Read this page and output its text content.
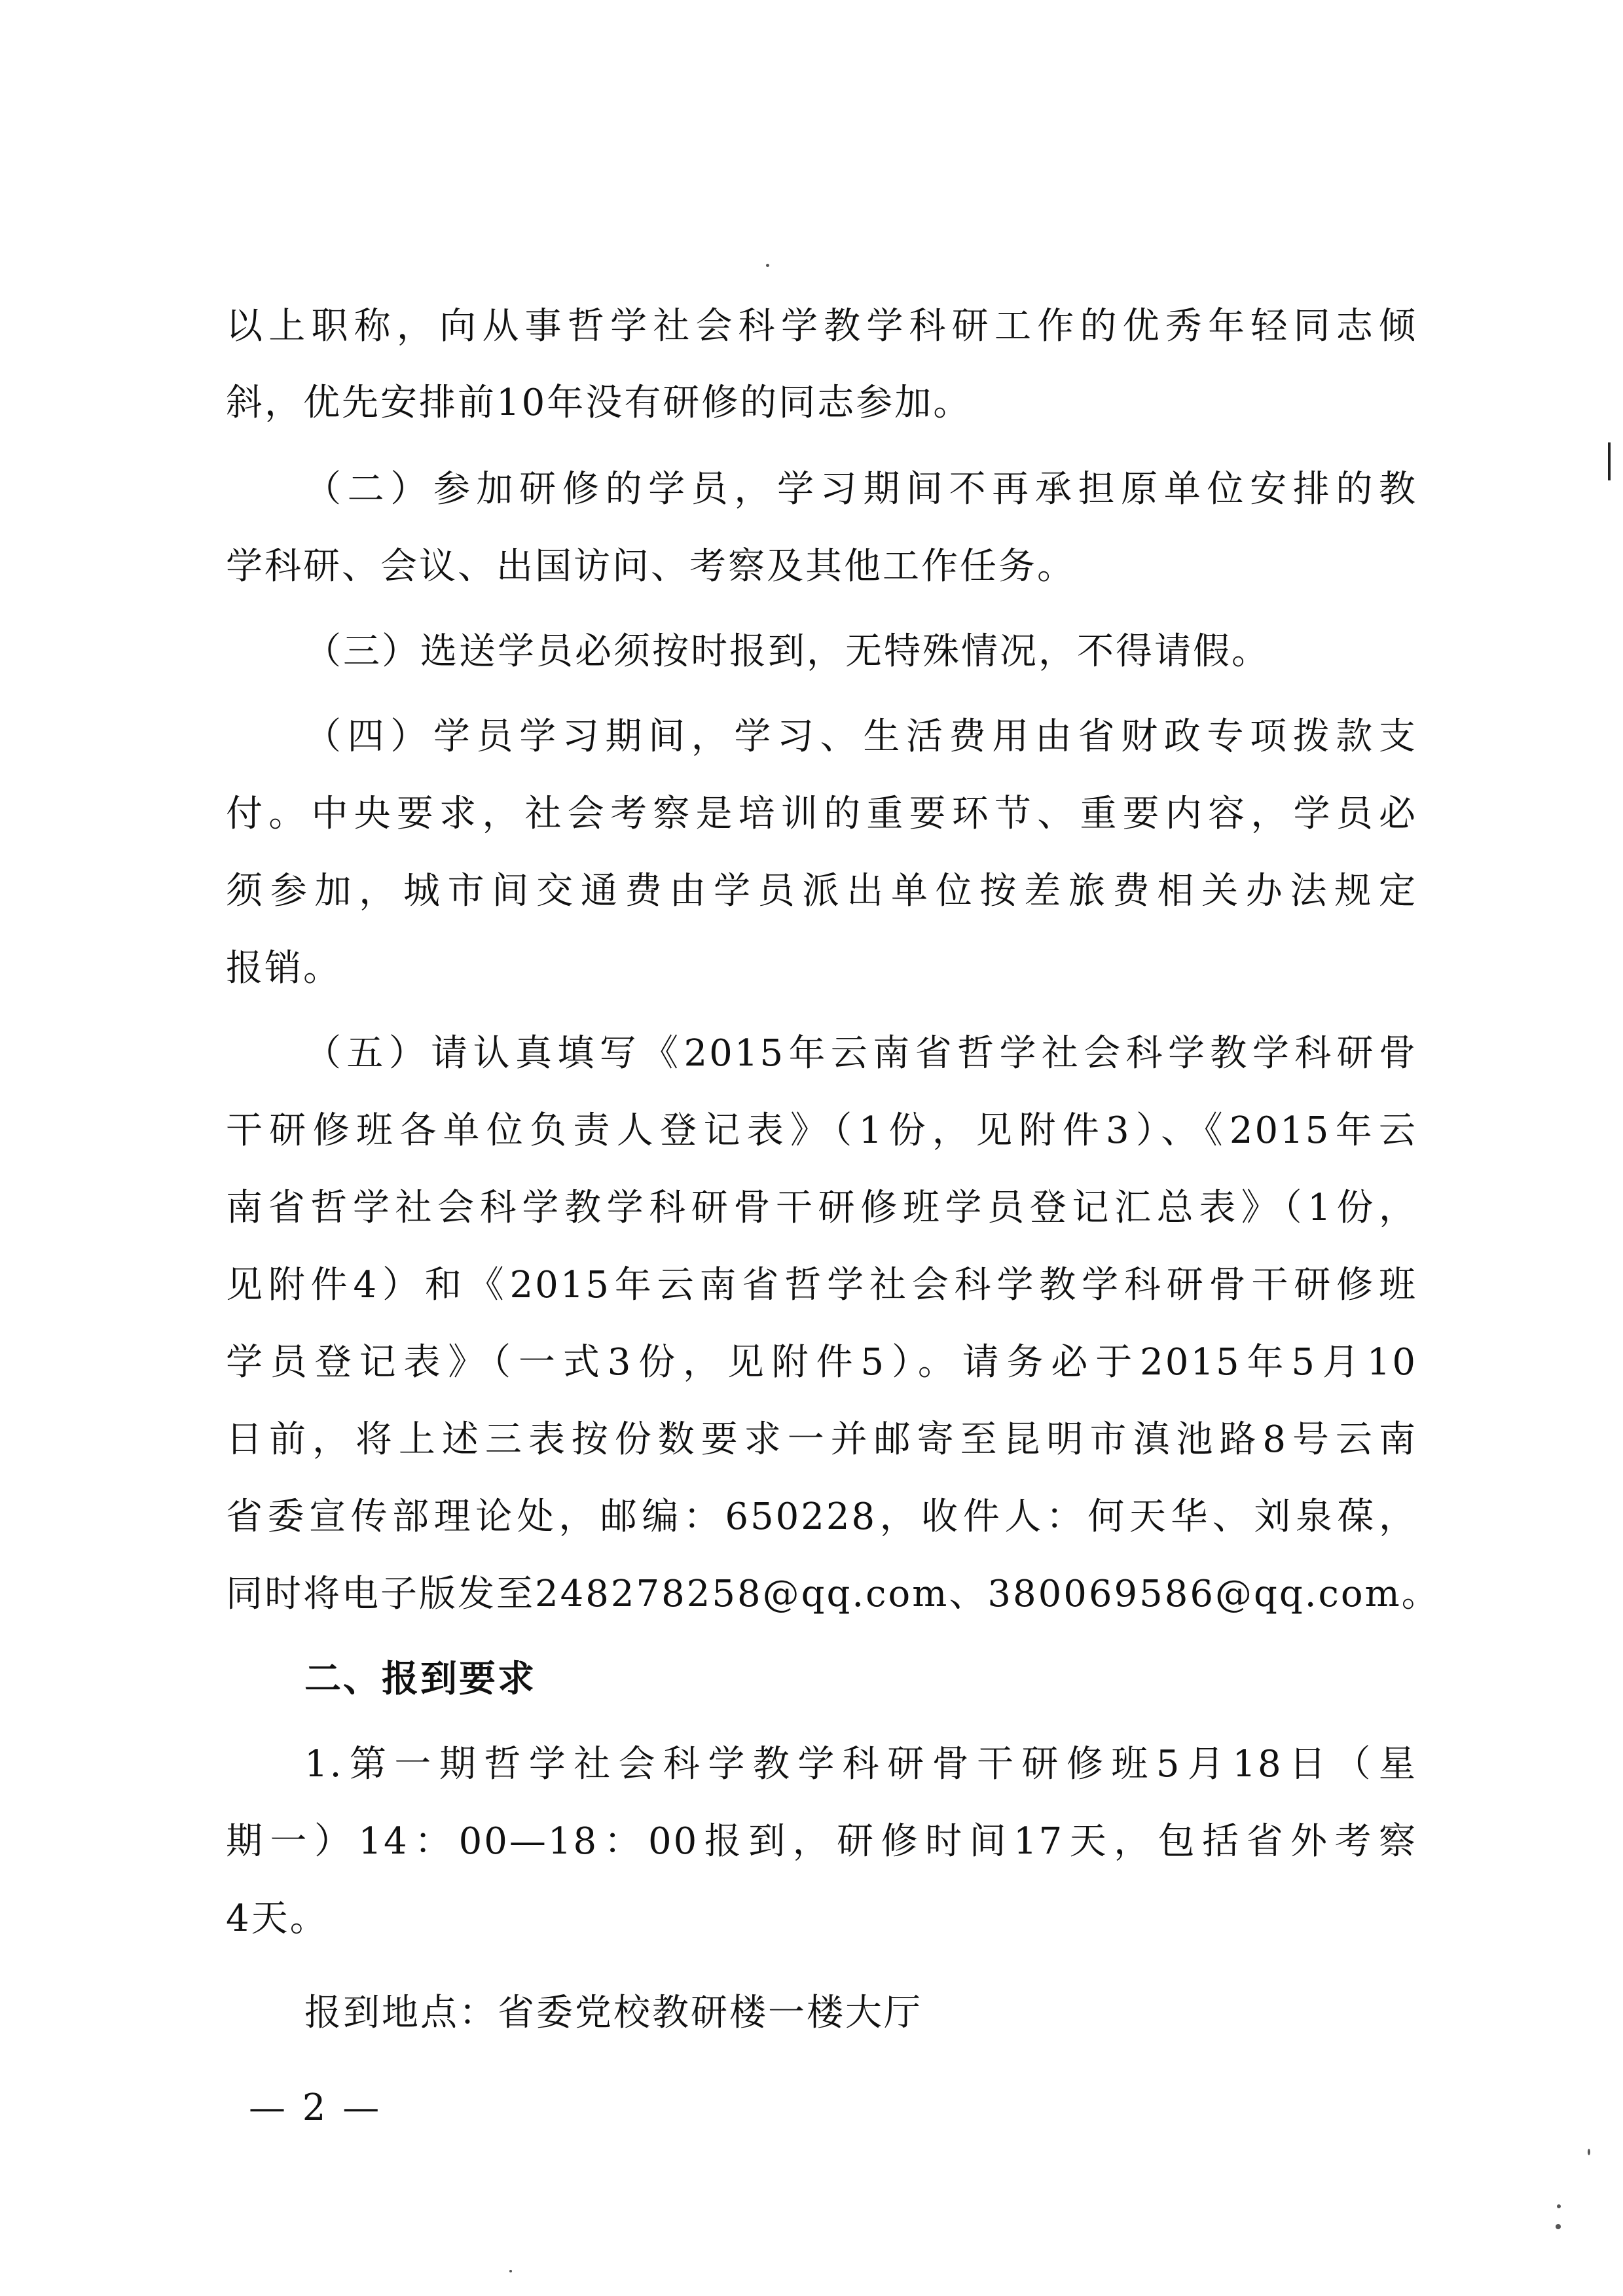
以上职称，向从事哲学社会科学教学科研工作的优秀年轻同志倾
斜，优先安排前10年没有研修的同志参加。
（二）参加研修的学员，学习期间不再承担原单位安排的教
学科研、会议、出国访问、考察及其他工作任务。
（三）选送学员必须按时报到，无特殊情况，不得请假。
（四）学员学习期间，学习、生活费用由省财政专项拨款支
付。中央要求，社会考察是培训的重要环节、重要内容，学员必
须参加，城市间交通费由学员派出单位按差旅费相关办法规定
报销。
（五）请认真填写《2015年云南省哲学社会科学教学科研骨
干研修班各单位负责人登记表》（1份，见附件3）、《2015年云
南省哲学社会科学教学科研骨干研修班学员登记汇总表》（1份，
见附件4）和《2015年云南省哲学社会科学教学科研骨干研修班
学员登记表》（一式3份，见附件5）。请务必于2015年5月10
日前，将上述三表按份数要求一并邮寄至昆明市滇池路8号云南
省委宣传部理论处，邮编：650228，收件人：何天华、刘泉葆，
同时将电子版发至248278258@qq.com、380069586@qq.com。
二、报到要求
1.第一期哲学社会科学教学科研骨干研修班5月18日（星
期一）14：00—18：00报到，研修时间17天，包括省外考察
4天。
报到地点：省委党校教研楼一楼大厅
— 2 —
